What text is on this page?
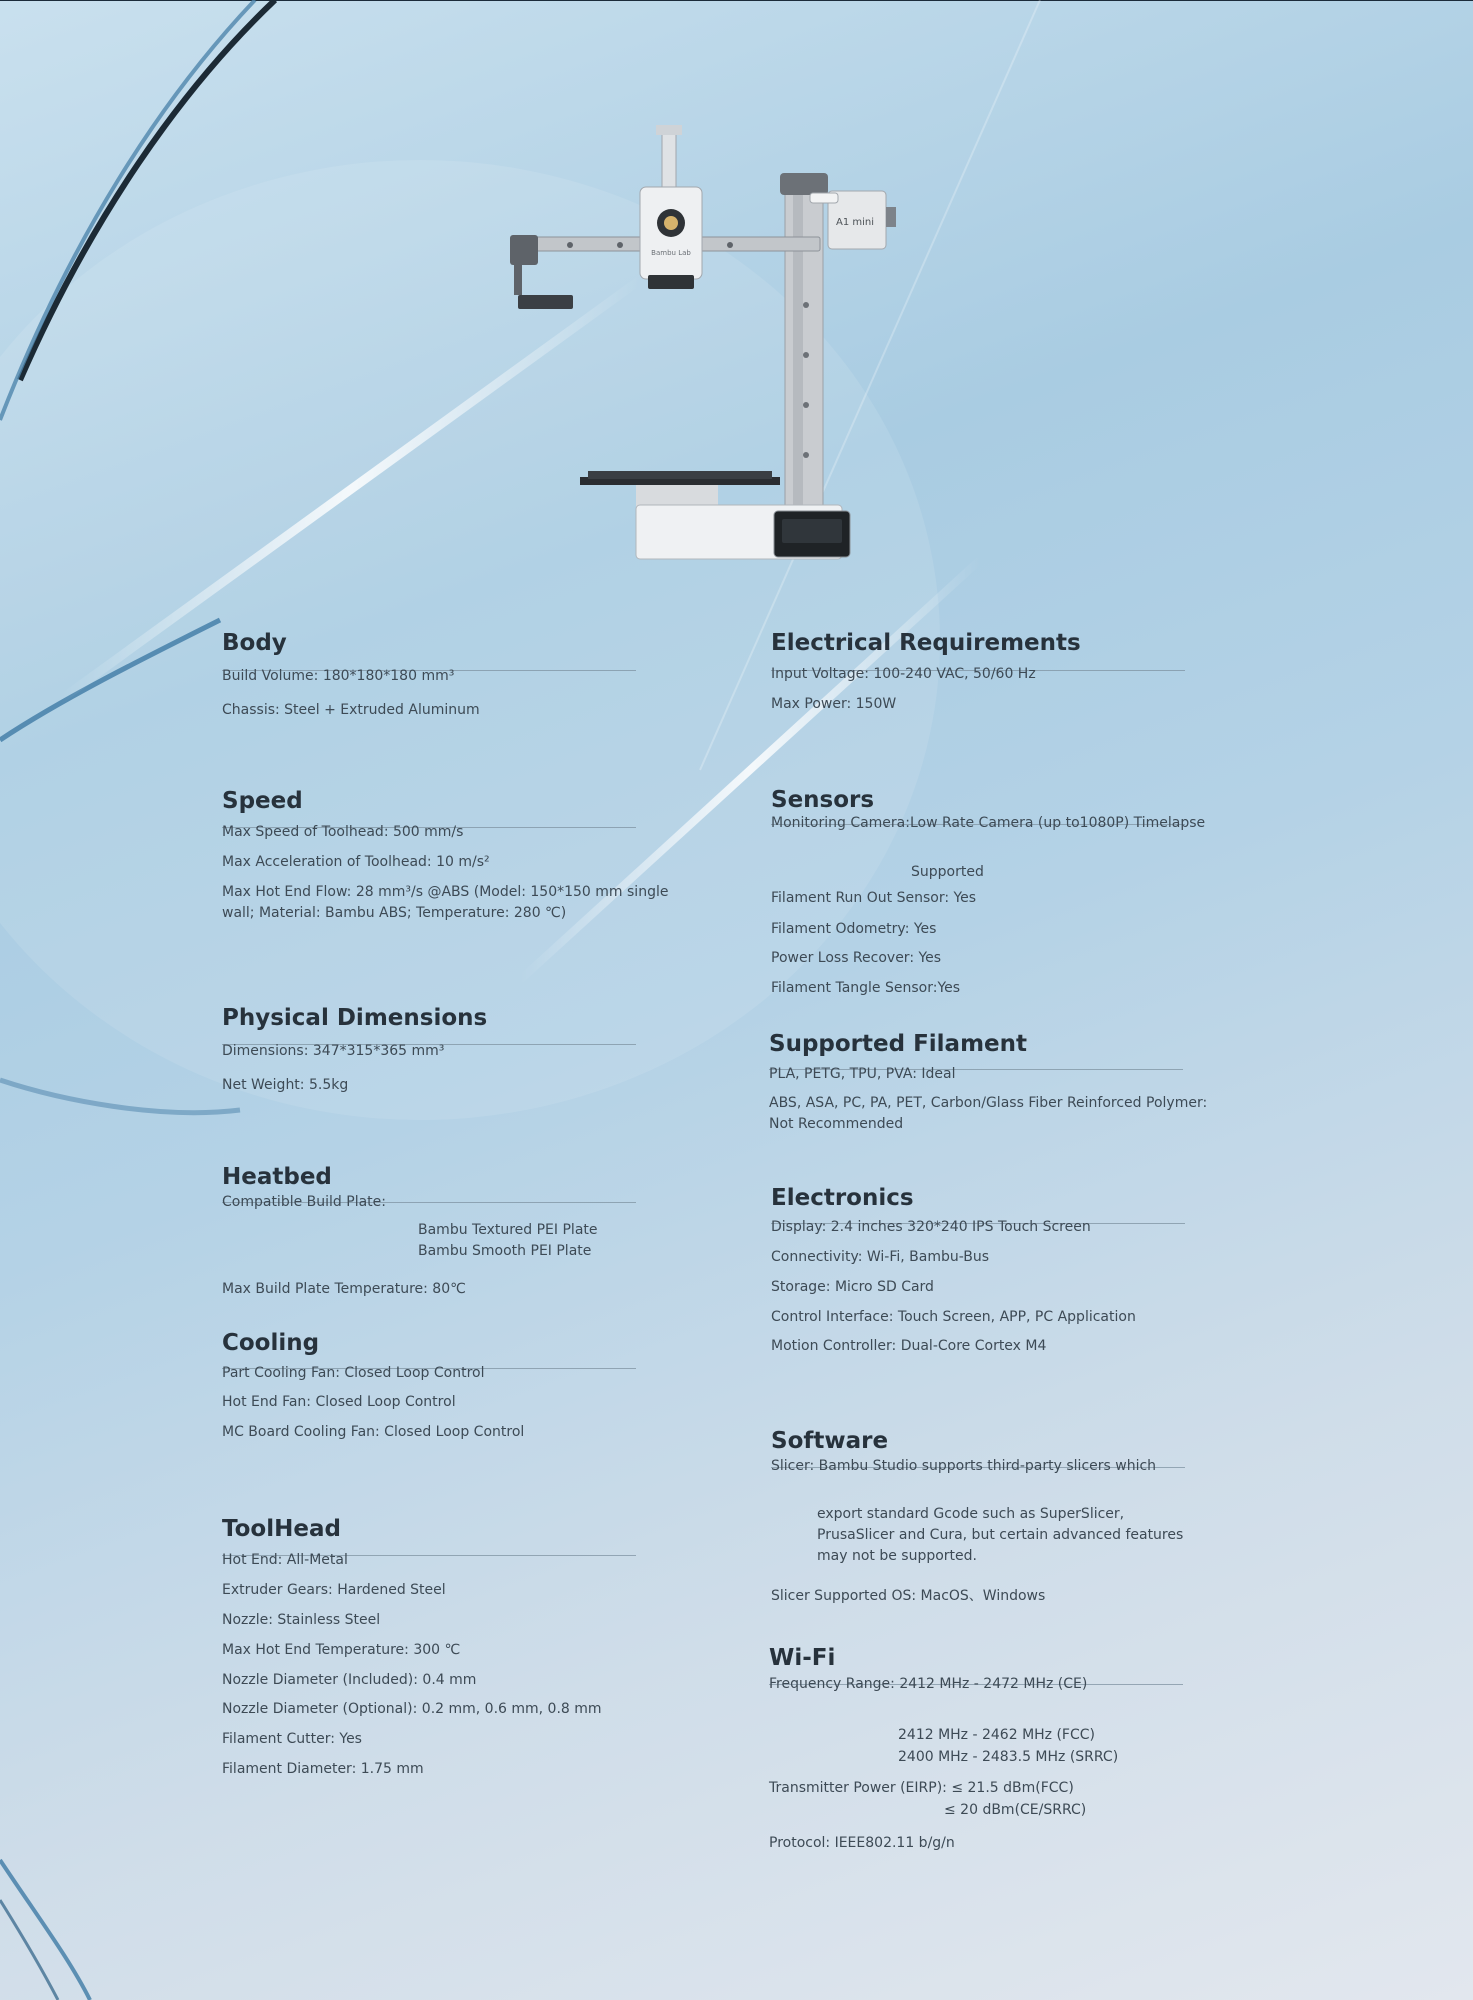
Bambu Lab
A1 mini
Body

Build Volume: 180*180*180 mm³

Chassis: Steel + Extruded Aluminum

Speed

Max Speed of Toolhead: 500 mm/s

Max Acceleration of Toolhead: 10 m/s²

Max Hot End Flow: 28 mm³/s @ABS (Model: 150*150 mm single wall; Material: Bambu ABS; Temperature: 280 ℃)

Physical Dimensions

Dimensions: 347*315*365 mm³

Net Weight: 5.5kg

Heatbed

Compatible Build Plate:

Bambu Textured PEI Plate

Bambu Smooth PEI Plate

Max Build Plate Temperature: 80℃

Cooling

Part Cooling Fan: Closed Loop Control

Hot End Fan: Closed Loop Control

MC Board Cooling Fan: Closed Loop Control

ToolHead

Hot End: All-Metal

Extruder Gears: Hardened Steel

Nozzle: Stainless Steel

Max Hot End Temperature: 300 ℃

Nozzle Diameter (Included): 0.4 mm

Nozzle Diameter (Optional): 0.2 mm, 0.6 mm, 0.8 mm

Filament Cutter: Yes

Filament Diameter: 1.75 mm

Electrical Requirements

Input Voltage: 100-240 VAC, 50/60 Hz

Max Power: 150W

Sensors

Monitoring Camera:Low Rate Camera (up to1080P) Timelapse

Supported

Filament Run Out Sensor: Yes

Filament Odometry: Yes

Power Loss Recover: Yes

Filament Tangle Sensor:Yes

Supported Filament

PLA, PETG, TPU, PVA: Ideal

ABS, ASA, PC, PA, PET, Carbon/Glass Fiber Reinforced Polymer: Not Recommended

Electronics

Display: 2.4 inches 320*240 IPS Touch Screen

Connectivity: Wi-Fi, Bambu-Bus

Storage: Micro SD Card

Control Interface: Touch Screen, APP, PC Application

Motion Controller: Dual-Core Cortex M4

Software

Slicer: Bambu Studio supports third-party slicers which

export standard Gcode such as SuperSlicer, PrusaSlicer and Cura, but certain advanced features may not be supported.

Slicer Supported OS: MacOS、Windows

Wi-Fi

Frequency Range: 2412 MHz - 2472 MHz (CE)

2412 MHz - 2462 MHz (FCC)

2400 MHz - 2483.5 MHz (SRRC)

Transmitter Power (EIRP): ≤ 21.5 dBm(FCC)

≤ 20 dBm(CE/SRRC)

Protocol: IEEE802.11 b/g/n
